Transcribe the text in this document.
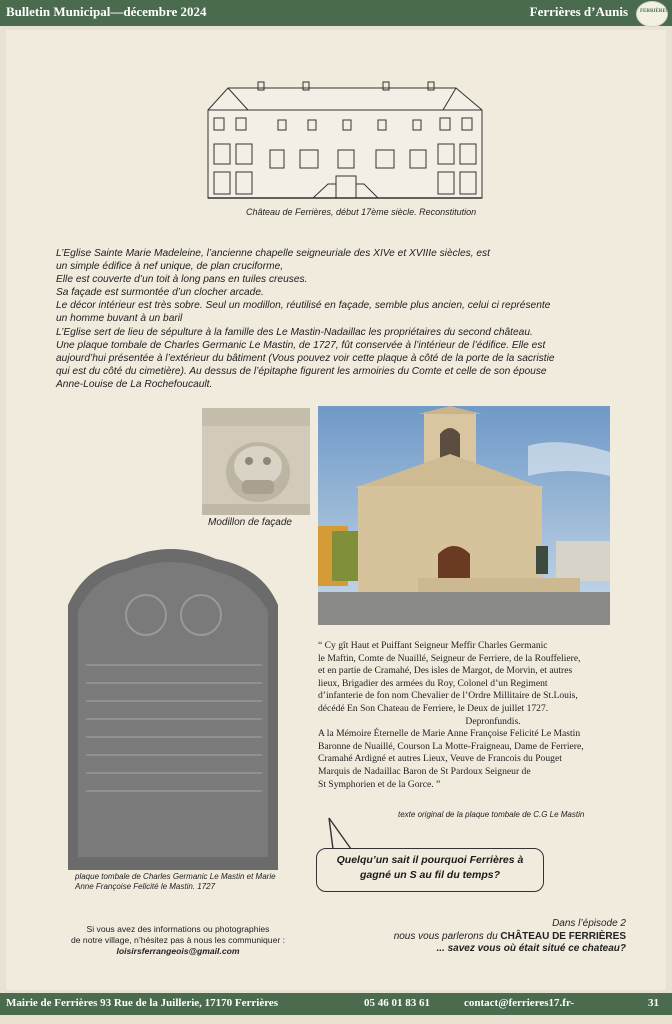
Bulletin Municipal—décembre 2024	Ferrières d’Aunis FERRIÈRES
Château de Ferrières, début 17ème siècle. Reconstitution

L’Eglise Sainte Marie Madeleine, l’ancienne chapelle seigneuriale des XIVe et XVIIIe siècles, est

un simple édifice à nef unique, de plan cruciforme,

Elle est couverte d’un toit à long pans en tuiles creuses.

Sa façade est surmontée d’un clocher arcade.

Le décor intérieur est très sobre. Seul un modillon, réutilisé en façade, semble plus ancien, celui ci représente

un homme buvant à un baril

L’Eglise sert de lieu de sépulture à la famille des Le Mastin-Nadaillac les propriétaires du second château.

Une plaque tombale de Charles Germanic Le Mastin, de 1727, fût conservée à l’intérieur de l’édifice. Elle est

aujourd’hui présentée à l’extérieur du bâtiment (Vous pouvez voir cette plaque à côté de la porte de la sacristie

qui est du côté du cimetière). Au dessus de l’épitaphe figurent les armoiries du Comte et celle de son épouse

Anne-Louise de La Rochefoucault.

Modillon de façade
plaque tombale de Charles Germanic Le Mastin et Marie Anne Françoise Felicité le Mastin. 1727

“ Cy gît Haut et Puiffant Seigneur Meffir Charles Germanic

le Maftin, Comte de Nuaillé, Seigneur de Ferriere, de la Rouffeliere,

et en partie de Cramahé, Des isles de Margot, de Morvin, et autres

lieux, Brigadier des armées du Roy, Colonel d’un Regiment

d’infanterie de fon nom Chevalier de l’Ordre Millitaire de St.Louis,

décédé En Son Chateau de Ferriere, le Deux de juillet 1727.

Depronfundis.

A la Mémoire Éternelle de Marie Anne Françoise Felicité Le Mastin

Baronne de Nuaillé, Courson La Motte-Fraigneau, Dame de Ferriere,

Cramahé Ardigné et autres Lieux, Veuve de Francois du Pouget

Marquis de Nadaillac Baron de St Pardoux Seigneur de

St Symphorien et de la Gorce. ”

texte original de la plaque tombale de C.G Le Mastin
Quelqu’un sait il pourquoi Ferrières à
gagné un S au fil du temps?
Si vous avez des informations ou photographies
de notre village, n’hésitez pas à nous les communiquer :
loisirsferrangeois@gmail.com
Dans l’épisode 2
nous vous parlerons du CHÂTEAU DE FERRIÈRES
... savez vous où était situé ce chateau?
Mairie de Ferrières 93 Rue de la Juillerie, 17170 Ferrières	05 46 01 83 61	contact@ferrieres17.fr-	31
